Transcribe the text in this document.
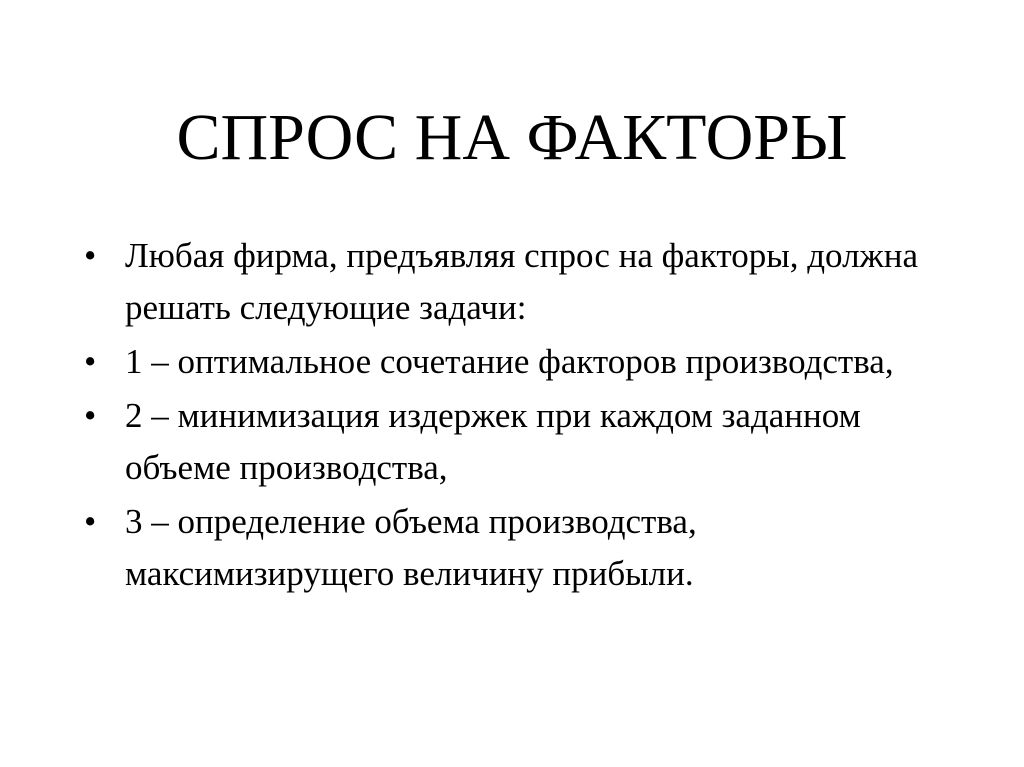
СПРОС НА ФАКТОРЫ
• Любая фирма, предъявляя спрос на факторы, должна решать следующие задачи:
• 1 – оптимальное сочетание факторов производства,
• 2 – минимизация издержек при каждом заданном объеме производства,
• 3 – определение объема производства, максимизирущего величину прибыли.
